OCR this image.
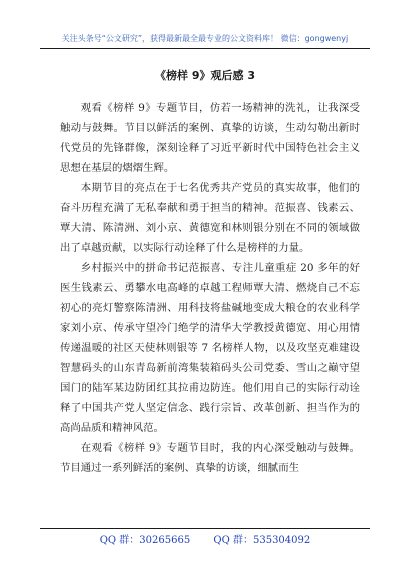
关注头条号“公文研究”，获得最新最全最专业的公文资料库！ 微信：gongwenyj
《榜样 9》观后感 3

观看《榜样 9》专题节目，仿若一场精神的洗礼，让我深受触动与鼓舞。节目以鲜活的案例、真挚的访谈，生动勾勒出新时代党员的先锋群像，深刻诠释了习近平新时代中国特色社会主义思想在基层的熠熠生辉。

本期节目的亮点在于七名优秀共产党员的真实故事，他们的奋斗历程充满了无私奉献和勇于担当的精神。范振喜、钱素云、覃大清、陈清洲、刘小京、黄德宽和林则银分别在不同的领域做出了卓越贡献，以实际行动诠释了什么是榜样的力量。

乡村振兴中的拼命书记范振喜、专注儿童重症 20 多年的好医生钱素云、勇攀水电高峰的卓越工程师覃大清、燃烧自己不忘初心的亮灯警察陈清洲、用科技将盐碱地变成大粮仓的农业科学家刘小京、传承守望冷门绝学的清华大学教授黄德宽、用心用情传递温暖的社区天使林则银等 7 名榜样人物，以及攻坚克难建设智慧码头的山东青岛新前湾集装箱码头公司党委、雪山之巅守望国门的陆军某边防团红其拉甫边防连。他们用自己的实际行动诠释了中国共产党人坚定信念、践行宗旨、改革创新、担当作为的高尚品质和精神风范。

在观看《榜样 9》专题节目时，我的内心深受触动与鼓舞。节目通过一系列鲜活的案例、真挚的访谈，细腻而生

QQ 群：30265665 QQ 群：535304092
